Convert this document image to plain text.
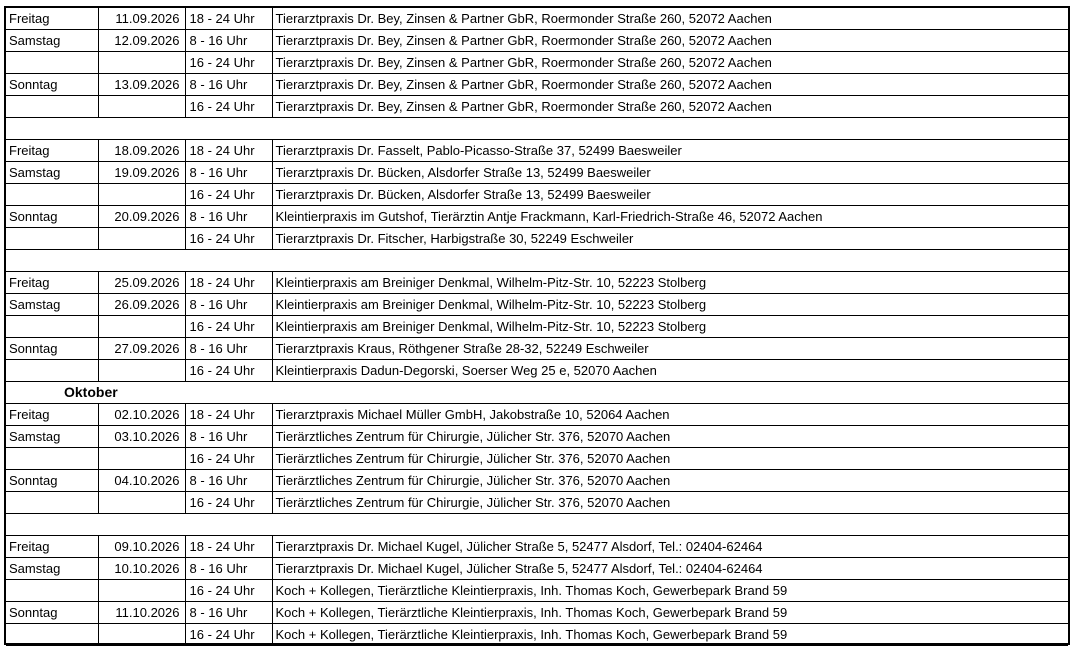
Freitag	11.09.2026	18 - 24 Uhr	Tierarztpraxis Dr. Bey, Zinsen & Partner GbR, Roermonder Straße 260, 52072 Aachen
Samstag	12.09.2026	8 - 16 Uhr	Tierarztpraxis Dr. Bey, Zinsen & Partner GbR, Roermonder Straße 260, 52072 Aachen
		16 - 24 Uhr	Tierarztpraxis Dr. Bey, Zinsen & Partner GbR, Roermonder Straße 260, 52072 Aachen
Sonntag	13.09.2026	8 - 16 Uhr	Tierarztpraxis Dr. Bey, Zinsen & Partner GbR, Roermonder Straße 260, 52072 Aachen
		16 - 24 Uhr	Tierarztpraxis Dr. Bey, Zinsen & Partner GbR, Roermonder Straße 260, 52072 Aachen

Freitag	18.09.2026	18 - 24 Uhr	Tierarztpraxis Dr. Fasselt, Pablo-Picasso-Straße 37, 52499 Baesweiler
Samstag	19.09.2026	8 - 16 Uhr	Tierarztpraxis Dr. Bücken, Alsdorfer Straße 13, 52499 Baesweiler
		16 - 24 Uhr	Tierarztpraxis Dr. Bücken, Alsdorfer Straße 13, 52499 Baesweiler
Sonntag	20.09.2026	8 - 16 Uhr	Kleintierpraxis im Gutshof, Tierärztin Antje Frackmann, Karl-Friedrich-Straße 46, 52072 Aachen
		16 - 24 Uhr	Tierarztpraxis Dr. Fitscher, Harbigstraße 30, 52249 Eschweiler

Freitag	25.09.2026	18 - 24 Uhr	Kleintierpraxis am Breiniger Denkmal, Wilhelm-Pitz-Str. 10, 52223 Stolberg
Samstag	26.09.2026	8 - 16 Uhr	Kleintierpraxis am Breiniger Denkmal, Wilhelm-Pitz-Str. 10, 52223 Stolberg
		16 - 24 Uhr	Kleintierpraxis am Breiniger Denkmal, Wilhelm-Pitz-Str. 10, 52223 Stolberg
Sonntag	27.09.2026	8 - 16 Uhr	Tierarztpraxis Kraus, Röthgener Straße 28-32, 52249 Eschweiler
		16 - 24 Uhr	Kleintierpraxis Dadun-Degorski, Soerser Weg 25 e, 52070 Aachen
Oktober			
Freitag	02.10.2026	18 - 24 Uhr	Tierarztpraxis Michael Müller GmbH, Jakobstraße 10, 52064 Aachen
Samstag	03.10.2026	8 - 16 Uhr	Tierärztliches Zentrum für Chirurgie, Jülicher Str. 376, 52070 Aachen
		16 - 24 Uhr	Tierärztliches Zentrum für Chirurgie, Jülicher Str. 376, 52070 Aachen
Sonntag	04.10.2026	8 - 16 Uhr	Tierärztliches Zentrum für Chirurgie, Jülicher Str. 376, 52070 Aachen
		16 - 24 Uhr	Tierärztliches Zentrum für Chirurgie, Jülicher Str. 376, 52070 Aachen

Freitag	09.10.2026	18 - 24 Uhr	Tierarztpraxis Dr. Michael Kugel, Jülicher Straße 5, 52477 Alsdorf, Tel.: 02404-62464
Samstag	10.10.2026	8 - 16 Uhr	Tierarztpraxis Dr. Michael Kugel, Jülicher Straße 5, 52477 Alsdorf, Tel.: 02404-62464
		16 - 24 Uhr	Koch + Kollegen, Tierärztliche Kleintierpraxis, Inh. Thomas Koch, Gewerbepark Brand 59
Sonntag	11.10.2026	8 - 16 Uhr	Koch + Kollegen, Tierärztliche Kleintierpraxis, Inh. Thomas Koch, Gewerbepark Brand 59
		16 - 24 Uhr	Koch + Kollegen, Tierärztliche Kleintierpraxis, Inh. Thomas Koch, Gewerbepark Brand 59
